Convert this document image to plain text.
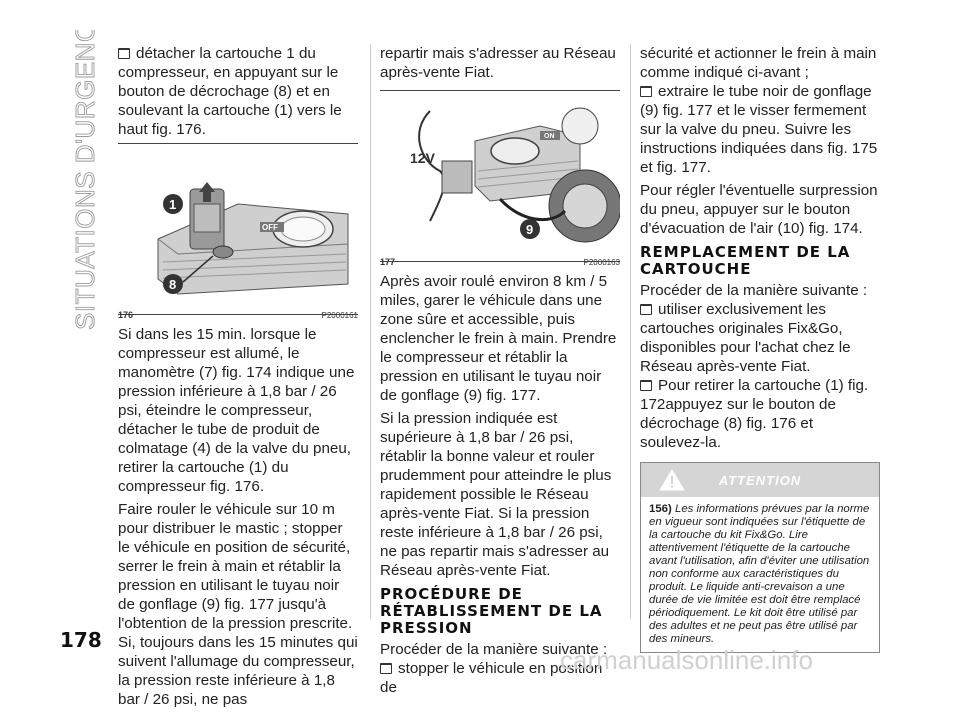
SITUATIONS D'URGENCE
178

détacher la cartouche 1 du compresseur, en appuyant sur le bouton de décrochage (8) et en soulevant la cartouche (1) vers le haut fig. 176.

OFF
1
8
176	P2000161

Si dans les 15 min. lorsque le compresseur est allumé, le manomètre (7) fig. 174 indique une pression inférieure à 1,8 bar / 26 psi, éteindre le compresseur, détacher le tube de produit de colmatage (4) de la valve du pneu, retirer la cartouche (1) du compresseur fig. 176.

Faire rouler le véhicule sur 10 m pour distribuer le mastic ; stopper le véhicule en position de sécurité, serrer le frein à main et rétablir la pression en utilisant le tuyau noir de gonflage (9) fig. 177 jusqu'à l'obtention de la pression prescrite. Si, toujours dans les 15 minutes qui suivent l'allumage du compresseur, la pression reste inférieure à 1,8 bar / 26 psi, ne pas

repartir mais s'adresser au Réseau après-vente Fiat.

ON
12V
9
177	P2000163

Après avoir roulé environ 8 km / 5 miles, garer le véhicule dans une zone sûre et accessible, puis enclencher le frein à main. Prendre le compresseur et rétablir la pression en utilisant le tuyau noir de gonflage (9) fig. 177.

Si la pression indiquée est supérieure à 1,8 bar / 26 psi, rétablir la bonne valeur et rouler prudemment pour atteindre le plus rapidement possible le Réseau après-vente Fiat. Si la pression reste inférieure à 1,8 bar / 26 psi, ne pas repartir mais s'adresser au Réseau après-vente Fiat.

PROCÉDURE DE RÉTABLISSEMENT DE LA PRESSION

Procéder de la manière suivante :

stopper le véhicule en position de

sécurité et actionner le frein à main comme indiqué ci-avant ;

extraire le tube noir de gonflage (9) fig. 177 et le visser fermement sur la valve du pneu. Suivre les instructions indiquées dans fig. 175 et fig. 177.

Pour régler l'éventuelle surpression du pneu, appuyer sur le bouton d'évacuation de l'air (10) fig. 174.

REMPLACEMENT DE LA CARTOUCHE

Procéder de la manière suivante :

utiliser exclusivement les cartouches originales Fix&Go, disponibles pour l'achat chez le Réseau après-vente Fiat.

Pour retirer la cartouche (1) fig. 172appuyez sur le bouton de décrochage (8) fig. 176 et soulevez-la.

ATTENTION
156) Les informations prévues par la norme en vigueur sont indiquées sur l'étiquette de la cartouche du kit Fix&Go. Lire attentivement l'étiquette de la cartouche avant l'utilisation, afin d'éviter une utilisation non conforme aux caractéristiques du produit. Le liquide anti-crevaison a une durée de vie limitée est doit être remplacé périodiquement. Le kit doit être utilisé par des adultes et ne peut pas être utilisé par des mineurs.
carmanualsonline.info
